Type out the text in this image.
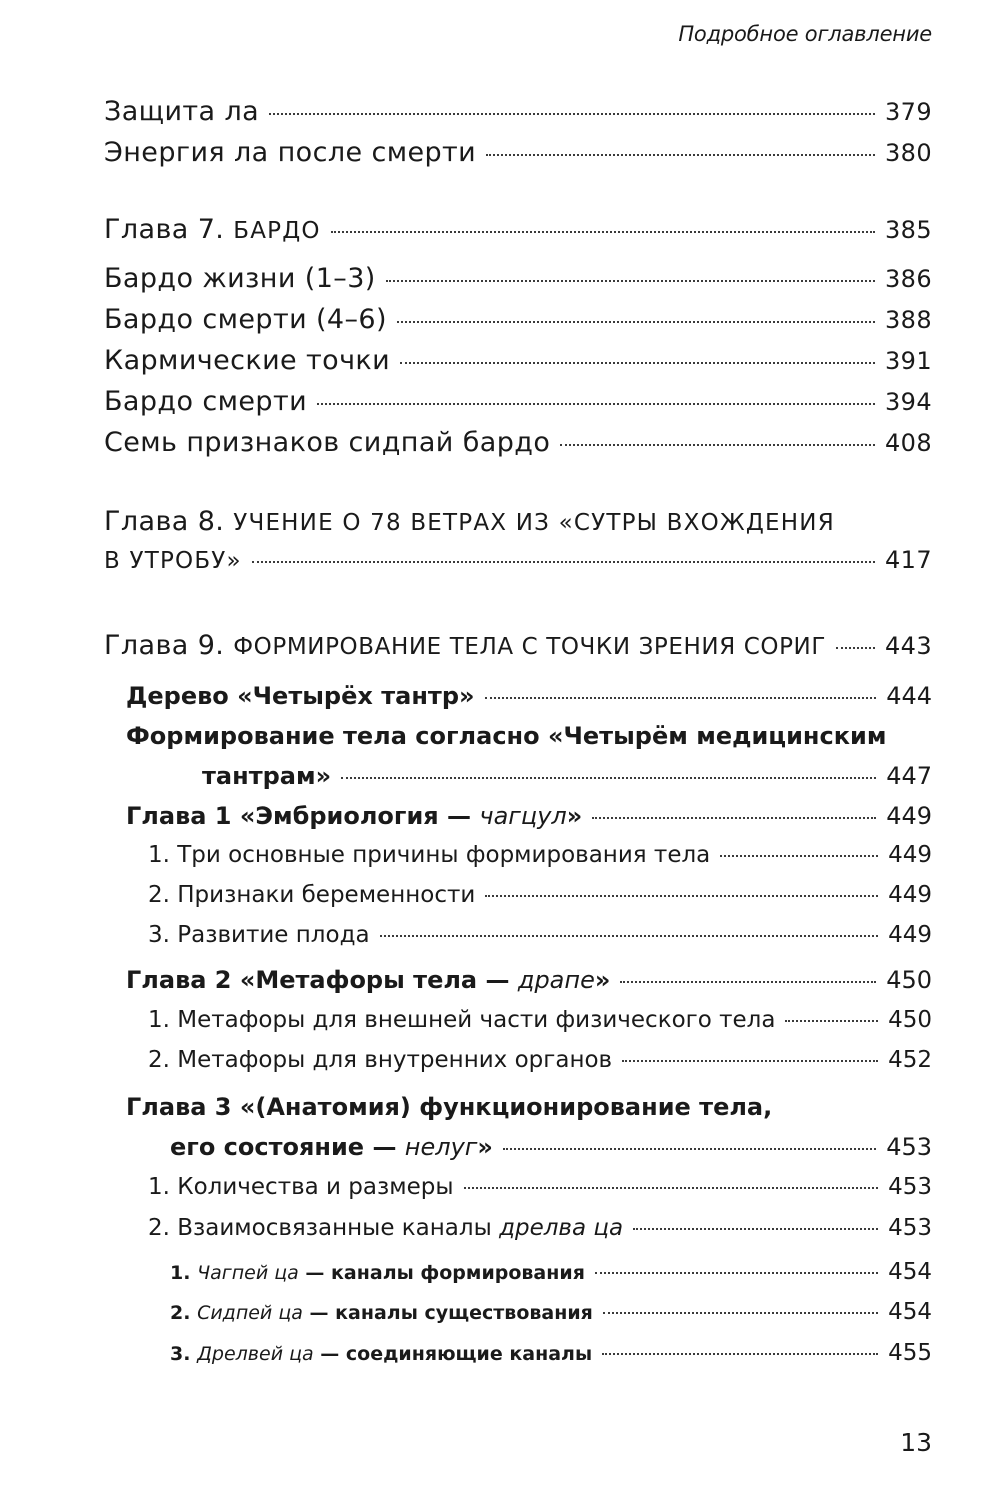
Подробное оглавление
Защита ла	379
Энергия ла после смерти	380
Глава 7. БАРДО	385
Бардо жизни (1–3)	386
Бардо смерти (4–6)	388
Кармические точки	391
Бардо смерти	394
Семь признаков сидпай бардо	408
Глава 8. УЧЕНИЕ О 78 ВЕТРАХ ИЗ «СУТРЫ ВХОЖДЕНИЯ
В УТРОБУ»	417
Глава 9. ФОРМИРОВАНИЕ ТЕЛА С ТОЧКИ ЗРЕНИЯ СОРИГ 443
Дерево «Четырёх тантр»	444
Формирование тела согласно «Четырём медицинским
тантрам»	447
Глава 1 «Эмбриология — чагцул»	449
1. Три основные причины формирования тела	449
2. Признаки беременности	449
3. Развитие плода	449
Глава 2 «Метафоры тела — драпе»	450
1. Метафоры для внешней части физического тела	450
2. Метафоры для внутренних органов	452
Глава 3 «(Анатомия) функционирование тела,
его состояние — нелуг»	453
1. Количества и размеры	453
2. Взаимосвязанные каналы дрелва ца	453
1. Чагпей ца — каналы формирования	454
2. Сидпей ца — каналы существования	454
3. Дрелвей ца — соединяющие каналы	455
13
